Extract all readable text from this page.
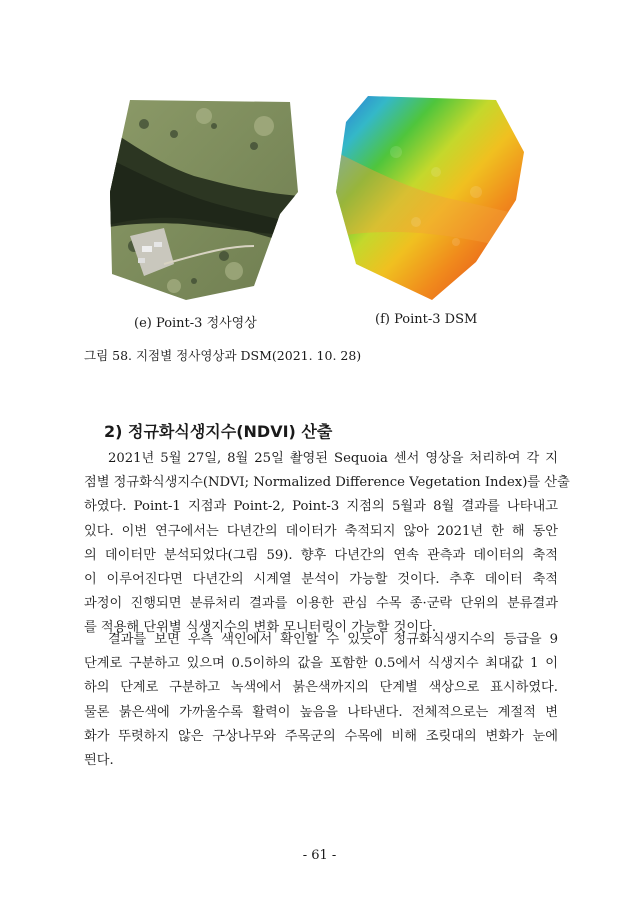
(e) Point-3 정사영상	(f) Point-3 DSM
그림 58. 지점별 정사영상과 DSM(2021. 10. 28)
2) 정규화식생지수(NDVI) 산출
2021년 5월 27일, 8월 25일 촬영된 Sequoia 센서 영상을 처리하여 각 지
점별 정규화식생지수(NDVI; Normalized Difference Vegetation Index)를 산출
하였다. Point-1 지점과 Point-2, Point-3 지점의 5월과 8월 결과를 나타내고
있다. 이번 연구에서는 다년간의 데이터가 축적되지 않아 2021년 한 해 동안
의 데이터만 분석되었다(그림 59). 향후 다년간의 연속 관측과 데이터의 축적
이 이루어진다면 다년간의 시계열 분석이 가능할 것이다. 추후 데이터 축적
과정이 진행되면 분류처리 결과를 이용한 관심 수목 종·군락 단위의 분류결과
를 적용해 단위별 식생지수의 변화 모니터링이 가능할 것이다.
결과를 보면 우측 색인에서 확인할 수 있듯이 정규화식생지수의 등급을 9
단계로 구분하고 있으며 0.5이하의 값을 포함한 0.5에서 식생지수 최대값 1 이
하의 단계로 구분하고 녹색에서 붉은색까지의 단계별 색상으로 표시하였다.
물론 붉은색에 가까울수록 활력이 높음을 나타낸다. 전체적으로는 계절적 변
화가 뚜렷하지 않은 구상나무와 주목군의 수목에 비해 조릿대의 변화가 눈에
띈다.
- 61 -
